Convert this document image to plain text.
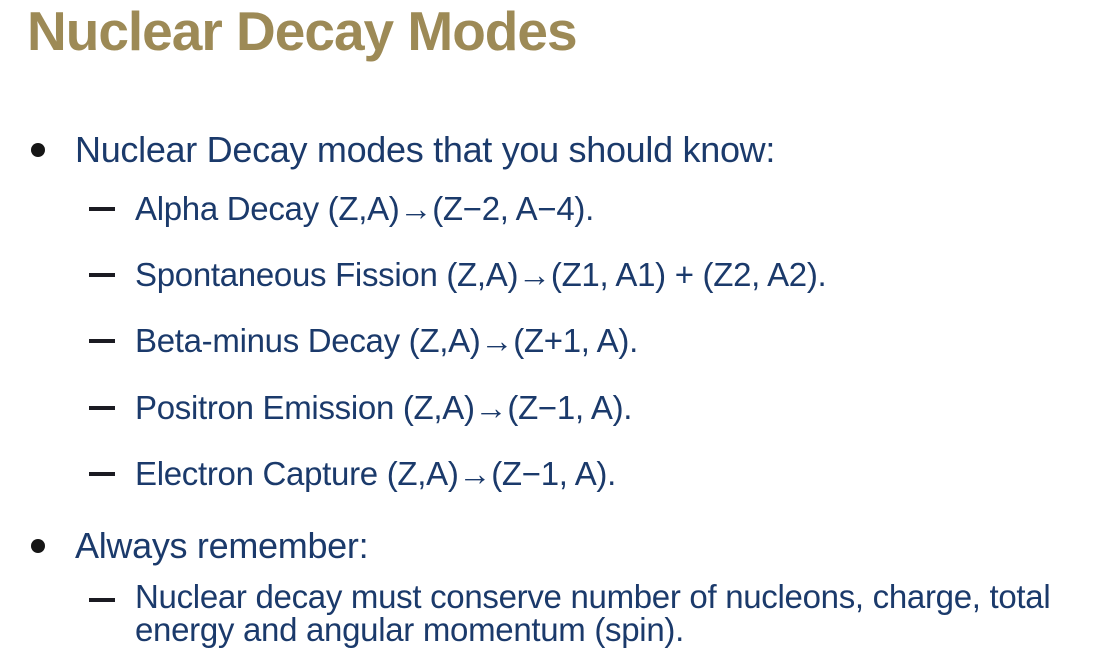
Nuclear Decay Modes
Nuclear Decay modes that you should know:
Alpha Decay (Z,A)→(Z−2, A−4).
Spontaneous Fission (Z,A)→(Z1, A1) + (Z2, A2).
Beta-minus Decay (Z,A)→(Z+1, A).
Positron Emission (Z,A)→(Z−1, A).
Electron Capture (Z,A)→(Z−1, A).
Always remember:
Nuclear decay must conserve number of nucleons, charge, total
energy and angular momentum (spin).
